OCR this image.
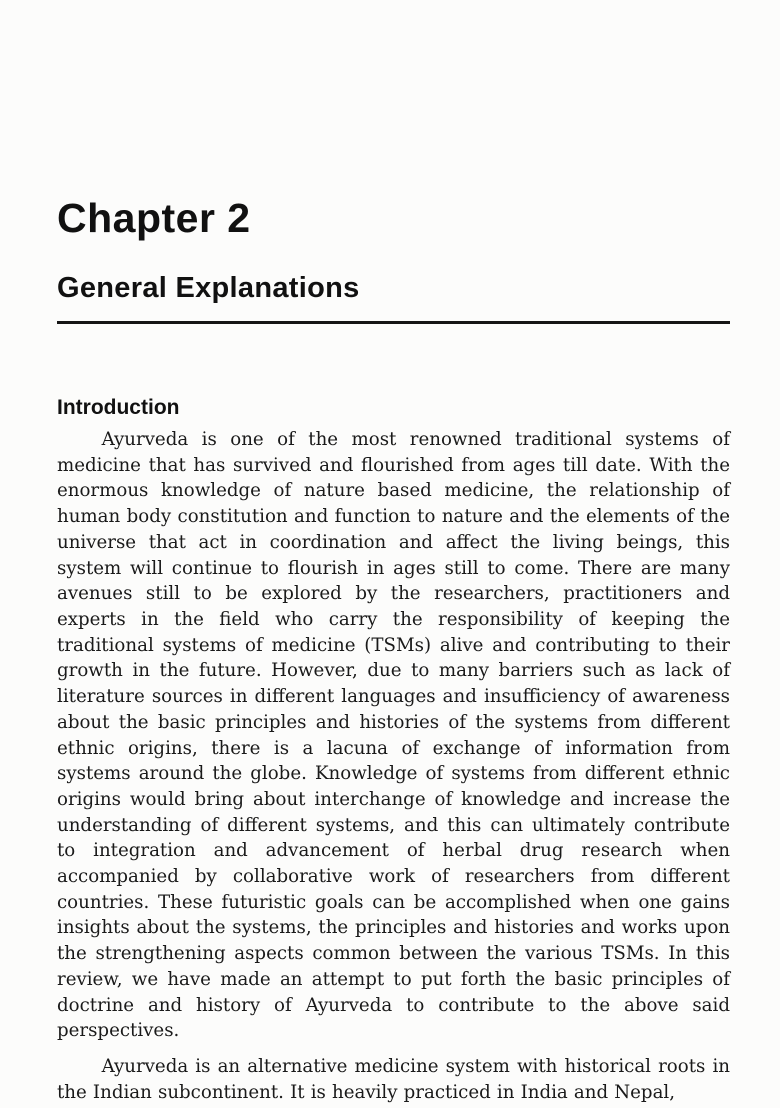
Chapter 2
General Explanations
Introduction

Ayurveda is one of the most renowned traditional systems of medicine that has survived and flourished from ages till date. With the enormous knowledge of nature based medicine, the relationship of human body constitution and function to nature and the elements of the universe that act in coordination and affect the living beings, this system will continue to flourish in ages still to come. There are many avenues still to be explored by the researchers, practitioners and experts in the field who carry the responsibility of keeping the traditional systems of medicine (TSMs) alive and contributing to their growth in the future. However, due to many barriers such as lack of literature sources in different languages and insufficiency of awareness about the basic principles and histories of the systems from different ethnic origins, there is a lacuna of exchange of information from systems around the globe. Knowledge of systems from different ethnic origins would bring about interchange of knowledge and increase the understanding of different systems, and this can ultimately contribute to integration and advancement of herbal drug research when accompanied by collaborative work of researchers from different countries. These futuristic goals can be accomplished when one gains insights about the systems, the principles and histories and works upon the strengthening aspects common between the various TSMs. In this review, we have made an attempt to put forth the basic principles of doctrine and history of Ayurveda to contribute to the above said perspectives.

Ayurveda is an alternative medicine system with historical roots in the Indian subcontinent. It is heavily practiced in India and Nepal,
